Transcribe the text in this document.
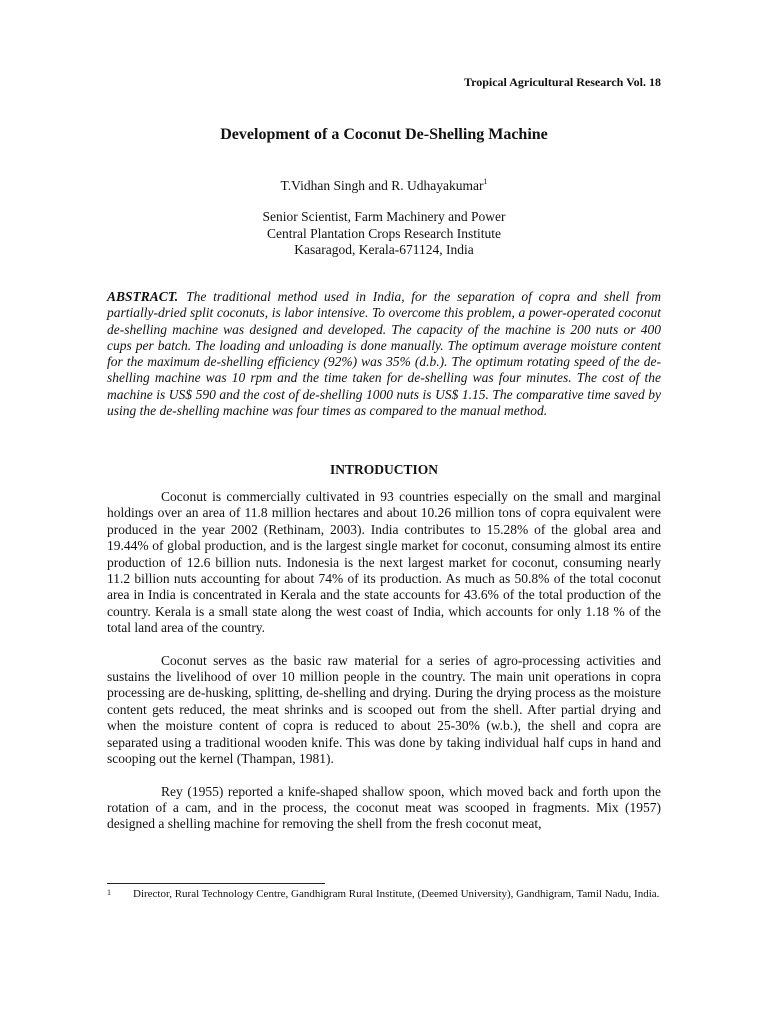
Tropical Agricultural Research Vol. 18
Development of a Coconut De-Shelling Machine
T.Vidhan Singh and R. Udhayakumar$^1$
Senior Scientist, Farm Machinery and Power
Central Plantation Crops Research Institute
Kasaragod, Kerala-671124, India
ABSTRACT. The traditional method used in India, for the separation of copra and shell from partially-dried split coconuts, is labor intensive. To overcome this problem, a power-operated coconut de-shelling machine was designed and developed. The capacity of the machine is 200 nuts or 400 cups per batch. The loading and unloading is done manually. The optimum average moisture content for the maximum de-shelling efficiency (92%) was 35% (d.b.). The optimum rotating speed of the de-shelling machine was 10 rpm and the time taken for de-shelling was four minutes. The cost of the machine is US$ 590 and the cost of de-shelling 1000 nuts is US$ 1.15. The comparative time saved by using the de-shelling machine was four times as compared to the manual method.
INTRODUCTION

Coconut is commercially cultivated in 93 countries especially on the small and marginal holdings over an area of 11.8 million hectares and about 10.26 million tons of copra equivalent were produced in the year 2002 (Rethinam, 2003). India contributes to 15.28% of the global area and 19.44% of global production, and is the largest single market for coconut, consuming almost its entire production of 12.6 billion nuts. Indonesia is the next largest market for coconut, consuming nearly 11.2 billion nuts accounting for about 74% of its production. As much as 50.8% of the total coconut area in India is concentrated in Kerala and the state accounts for 43.6% of the total production of the country. Kerala is a small state along the west coast of India, which accounts for only 1.18 % of the total land area of the country.

Coconut serves as the basic raw material for a series of agro-processing activities and sustains the livelihood of over 10 million people in the country. The main unit operations in copra processing are de-husking, splitting, de-shelling and drying. During the drying process as the moisture content gets reduced, the meat shrinks and is scooped out from the shell. After partial drying and when the moisture content of copra is reduced to about 25-30% (w.b.), the shell and copra are separated using a traditional wooden knife. This was done by taking individual half cups in hand and scooping out the kernel (Thampan, 1981).

Rey (1955) reported a knife-shaped shallow spoon, which moved back and forth upon the rotation of a cam, and in the process, the coconut meat was scooped in fragments. Mix (1957) designed a shelling machine for removing the shell from the fresh coconut meat,

1 Director, Rural Technology Centre, Gandhigram Rural Institute, (Deemed University), Gandhigram, Tamil Nadu, India.
